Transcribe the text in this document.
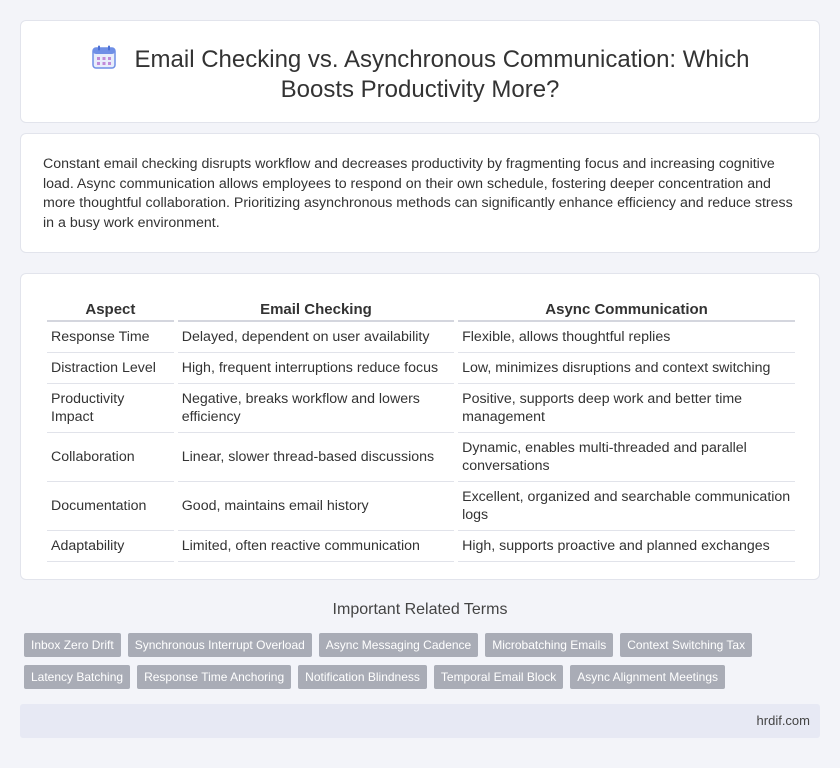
Email Checking vs. Asynchronous Communication: Which Boosts Productivity More?

Constant email checking disrupts workflow and decreases productivity by fragmenting focus and increasing cognitive load. Async communication allows employees to respond on their own schedule, fostering deeper concentration and more thoughtful collaboration. Prioritizing asynchronous methods can significantly enhance efficiency and reduce stress in a busy work environment.

Aspect	Email Checking	Async Communication
Response Time	Delayed, dependent on user availability	Flexible, allows thoughtful replies
Distraction Level	High, frequent interruptions reduce focus	Low, minimizes disruptions and context switching
Productivity Impact	Negative, breaks workflow and lowers efficiency	Positive, supports deep work and better time management
Collaboration	Linear, slower thread-based discussions	Dynamic, enables multi-threaded and parallel conversations
Documentation	Good, maintains email history	Excellent, organized and searchable communication logs
Adaptability	Limited, often reactive communication	High, supports proactive and planned exchanges
Important Related Terms
Inbox Zero Drift	Synchronous Interrupt Overload	Async Messaging Cadence	Microbatching Emails	Context Switching Tax
Latency Batching	Response Time Anchoring	Notification Blindness	Temporal Email Block	Async Alignment Meetings
hrdif.com
